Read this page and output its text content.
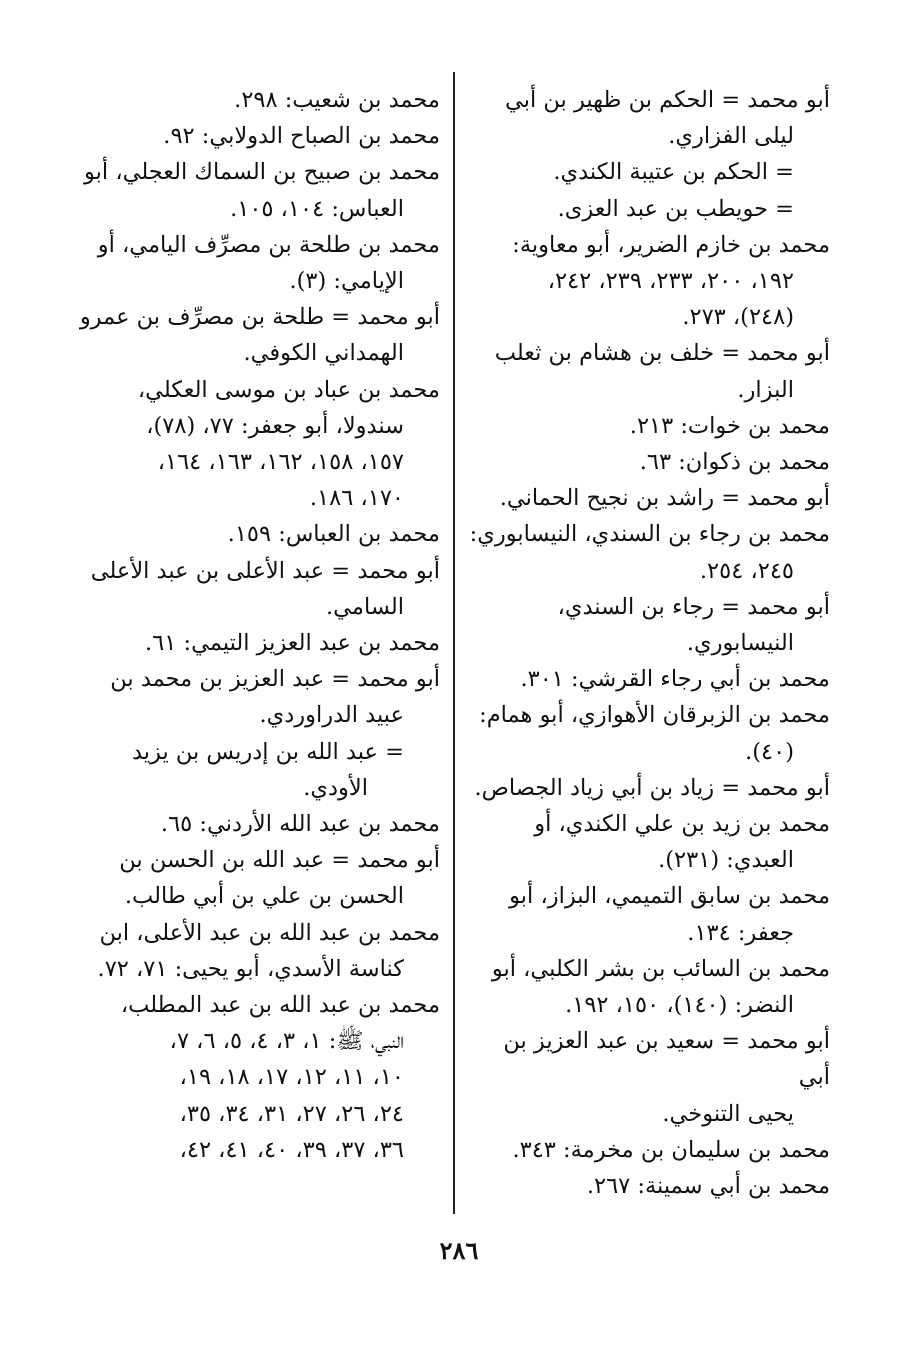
أبو محمد = الحكم بن ظهير بن أبي
ليلى الفزاري.
= الحكم بن عتيبة الكندي.
= حويطب بن عبد العزى.
محمد بن خازم الضرير، أبو معاوية:
١٩٢، ٢٠٠، ٢٣٣، ٢٣٩، ٢٤٢،
(٢٤٨)، ٢٧٣.
أبو محمد = خلف بن هشام بن ثعلب
البزار.
محمد بن خوات: ٢١٣.
محمد بن ذكوان: ٦٣.
أبو محمد = راشد بن نجيح الحماني.
محمد بن رجاء بن السندي، النيسابوري:
٢٤٥، ٢٥٤.
أبو محمد = رجاء بن السندي،
النيسابوري.
محمد بن أبي رجاء القرشي: ٣٠١.
محمد بن الزبرقان الأهوازي، أبو همام:
(٤٠).
أبو محمد = زياد بن أبي زياد الجصاص.
محمد بن زيد بن علي الكندي، أو
العبدي: (٢٣١).
محمد بن سابق التميمي، البزاز، أبو
جعفر: ١٣٤.
محمد بن السائب بن بشر الكلبي، أبو
النضر: (١٤٠)، ١٥٠، ١٩٢.
أبو محمد = سعيد بن عبد العزيز بن أبي
يحيى التنوخي.
محمد بن سليمان بن مخرمة: ٣٤٣.
محمد بن أبي سمينة: ٢٦٧.
محمد بن شعيب: ٢٩٨.
محمد بن الصباح الدولابي: ٩٢.
محمد بن صبيح بن السماك العجلي، أبو
العباس: ١٠٤، ١٠٥.
محمد بن طلحة بن مصرِّف اليامي، أو
الإيامي: (٣).
أبو محمد = طلحة بن مصرِّف بن عمرو
الهمداني الكوفي.
محمد بن عباد بن موسى العكلي،
سندولا، أبو جعفر: ٧٧، (٧٨)،
١٥٧، ١٥٨، ١٦٢، ١٦٣، ١٦٤،
١٧٠، ١٨٦.
محمد بن العباس: ١٥٩.
أبو محمد = عبد الأعلى بن عبد الأعلى
السامي.
محمد بن عبد العزيز التيمي: ٦١.
أبو محمد = عبد العزيز بن محمد بن
عبيد الدراوردي.
= عبد الله بن إدريس بن يزيد
الأودي.
محمد بن عبد الله الأردني: ٦٥.
أبو محمد = عبد الله بن الحسن بن
الحسن بن علي بن أبي طالب.
محمد بن عبد الله بن عبد الأعلى، ابن
كناسة الأسدي، أبو يحيى: ٧١، ٧٢.
محمد بن عبد الله بن عبد المطلب،
النبي، ﷺ: ١، ٣، ٤، ٥، ٦، ٧،
١٠، ١١، ١٢، ١٧، ١٨، ١٩،
٢٤، ٢٦، ٢٧، ٣١، ٣٤، ٣٥،
٣٦، ٣٧، ٣٩، ٤٠، ٤١، ٤٢،
٢٨٦
